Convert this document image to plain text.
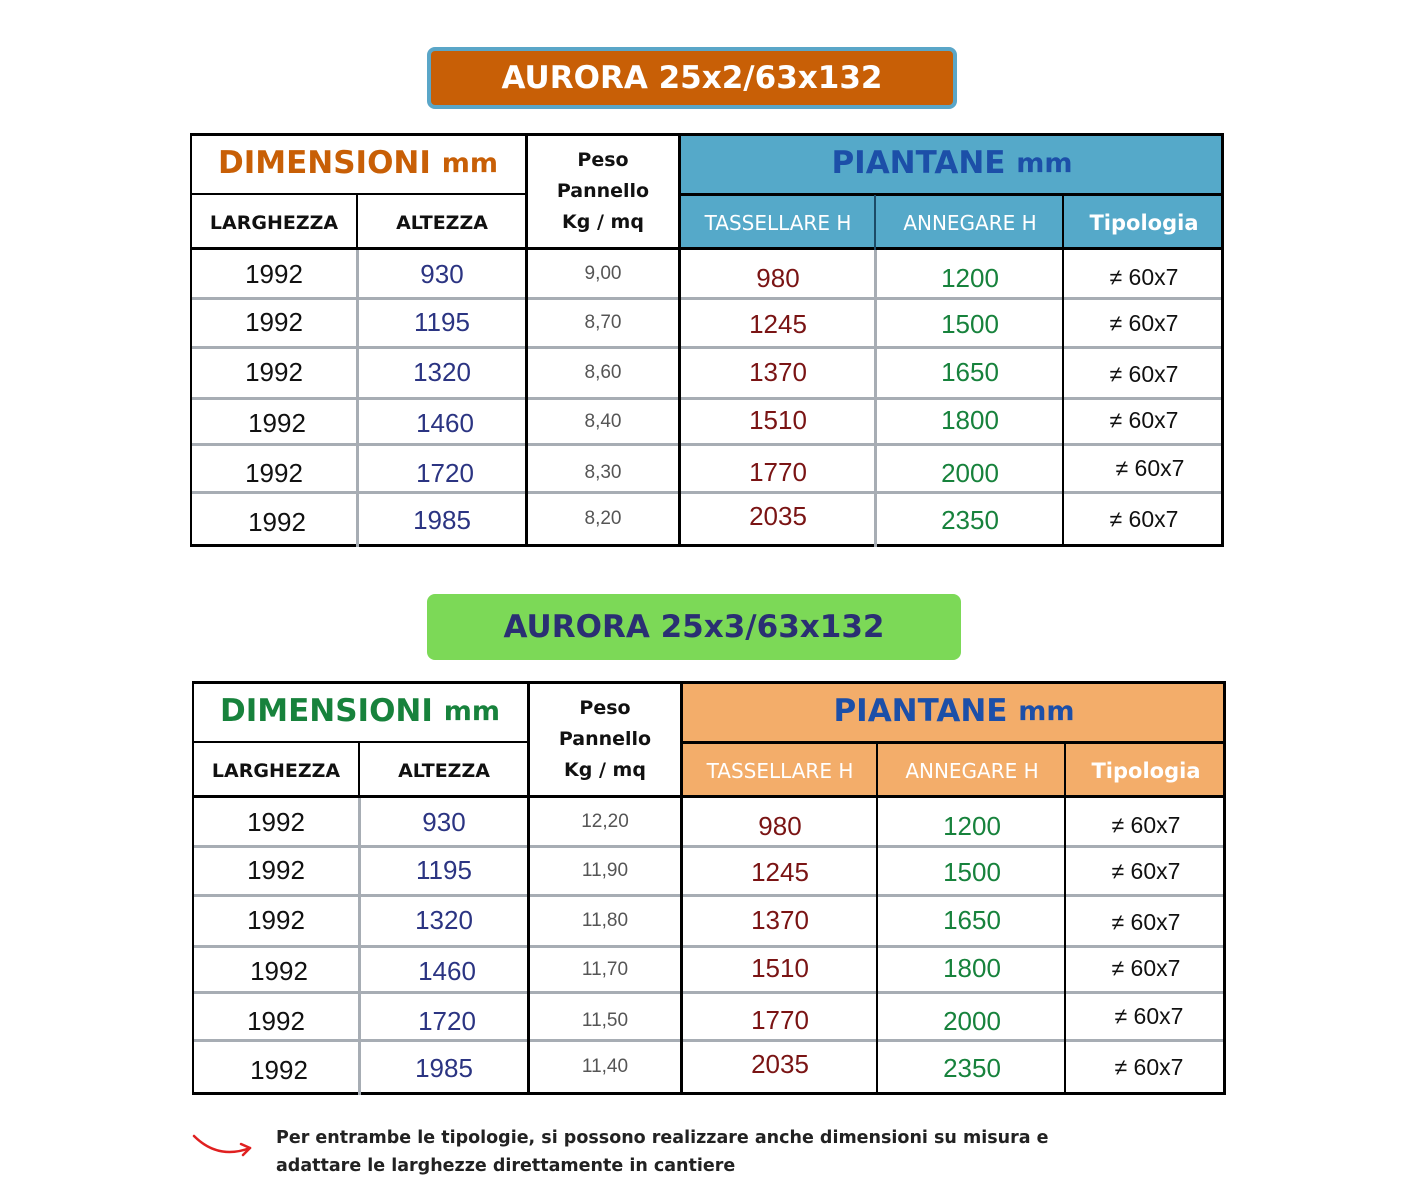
AURORA 25x2/63x132
DIMENSIONI
mm
LARGHEZZA	ALTEZZA
Peso
Pannello
Kg / mq
PIANTANE
mm
TASSELLARE H	ANNEGARE H	Tipologia
1992	930	9,00	980	1200	≠ 60x7
1992	1195	8,70	1245	1500	≠ 60x7
1992	1320	8,60	1370	1650	≠ 60x7
1992	1460	8,40	1510	1800	≠ 60x7
1992	1720	8,30	1770	2000	≠ 60x7
1992	1985	8,20	2035	2350	≠ 60x7
AURORA 25x3/63x132
DIMENSIONI
mm
LARGHEZZA	ALTEZZA
Peso
Pannello
Kg / mq
PIANTANE
mm
TASSELLARE H	ANNEGARE H	Tipologia
1992	930	12,20	980	1200	≠ 60x7
1992	1195	11,90	1245	1500	≠ 60x7
1992	1320	11,80	1370	1650	≠ 60x7
1992	1460	11,70	1510	1800	≠ 60x7
1992	1720	11,50	1770	2000	≠ 60x7
1992	1985	11,40	2035	2350	≠ 60x7
Per entrambe le tipologie, si possono realizzare anche dimensioni su misura e
adattare le larghezze direttamente in cantiere
